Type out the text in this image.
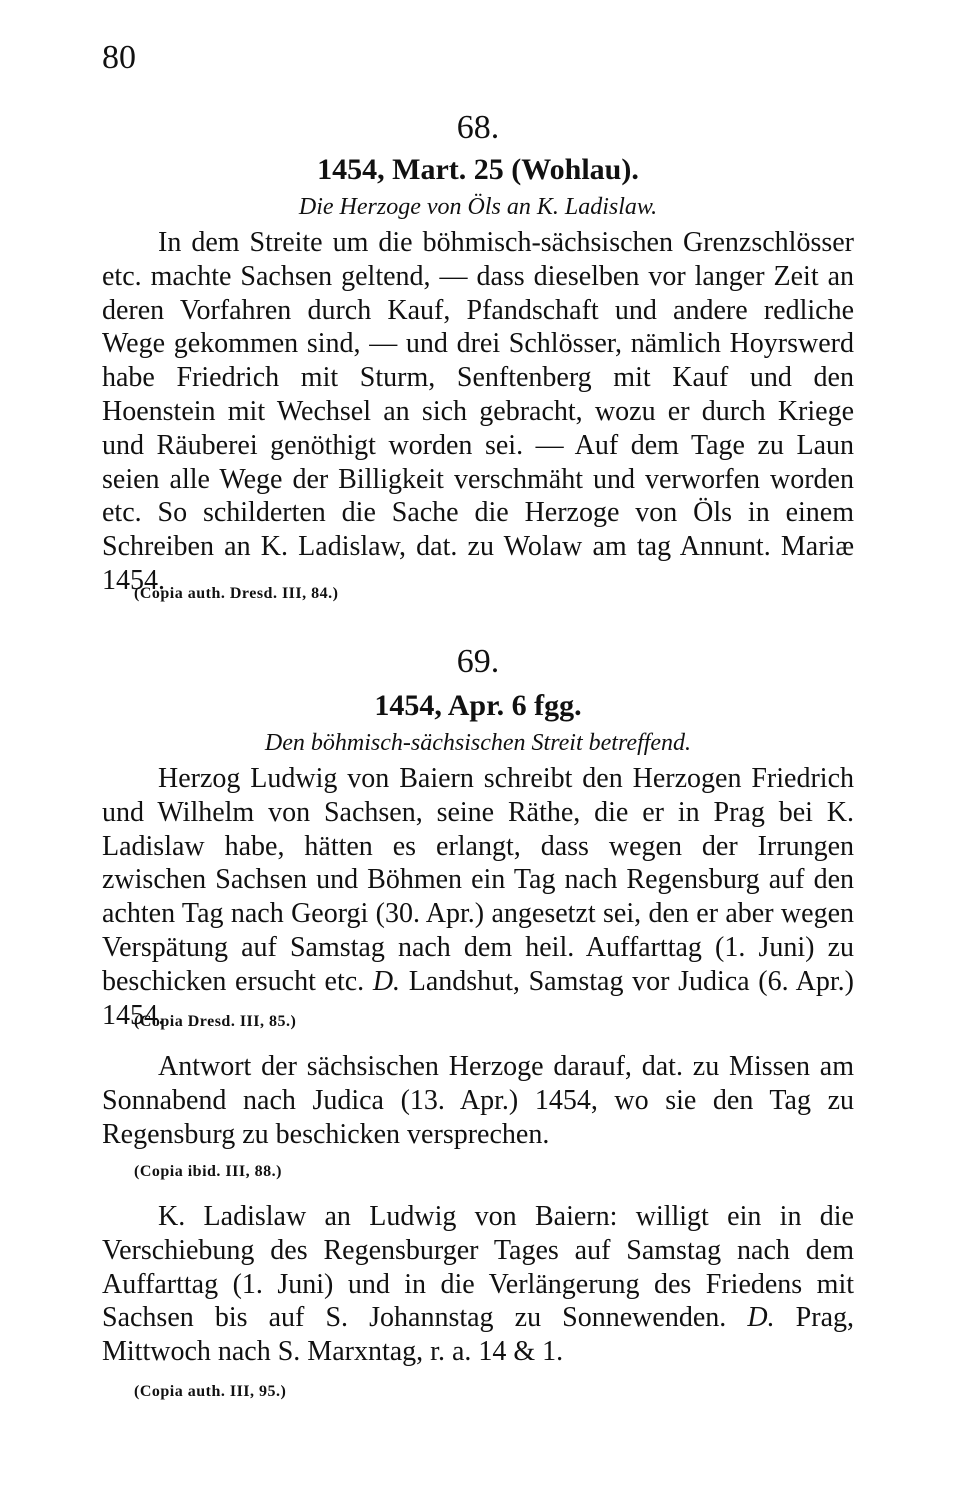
80
68.
1454, Mart. 25 (Wohlau).
Die Herzoge von Öls an K. Ladislaw.

In dem Streite um die böhmisch-sächsischen Grenzschlösser etc. machte Sachsen geltend, — dass dieselben vor langer Zeit an deren Vorfahren durch Kauf, Pfandschaft und andere redliche Wege gekommen sind, — und drei Schlösser, nämlich Hoyrswerd habe Friedrich mit Sturm, Senftenberg mit Kauf und den Hoenstein mit Wechsel an sich gebracht, wozu er durch Kriege und Räuberei genöthigt worden sei. — Auf dem Tage zu Laun seien alle Wege der Billigkeit verschmäht und verworfen worden etc. So schilderten die Sache die Herzoge von Öls in einem Schreiben an K. Ladislaw, dat. zu Wolaw am tag Annunt. Mariæ 1454.

(Copia auth. Dresd. III, 84.)
69.
1454, Apr. 6 fgg.
Den böhmisch-sächsischen Streit betreffend.

Herzog Ludwig von Baiern schreibt den Herzogen Friedrich und Wilhelm von Sachsen, seine Räthe, die er in Prag bei K. Ladislaw habe, hätten es erlangt, dass wegen der Irrungen zwischen Sachsen und Böhmen ein Tag nach Regensburg auf den achten Tag nach Georgi (30. Apr.) angesetzt sei, den er aber wegen Verspätung auf Samstag nach dem heil. Auffarttag (1. Juni) zu beschicken ersucht etc. D. Landshut, Samstag vor Judica (6. Apr.) 1454.

(Copia Dresd. III, 85.)

Antwort der sächsischen Herzoge darauf, dat. zu Missen am Sonnabend nach Judica (13. Apr.) 1454, wo sie den Tag zu Regensburg zu beschicken versprechen.

(Copia ibid. III, 88.)

K. Ladislaw an Ludwig von Baiern: willigt ein in die Verschiebung des Regensburger Tages auf Samstag nach dem Auffarttag (1. Juni) und in die Verlängerung des Friedens mit Sachsen bis auf S. Johannstag zu Sonnewenden. D. Prag, Mittwoch nach S. Marxntag, r. a. 14 & 1.

(Copia auth. III, 95.)
